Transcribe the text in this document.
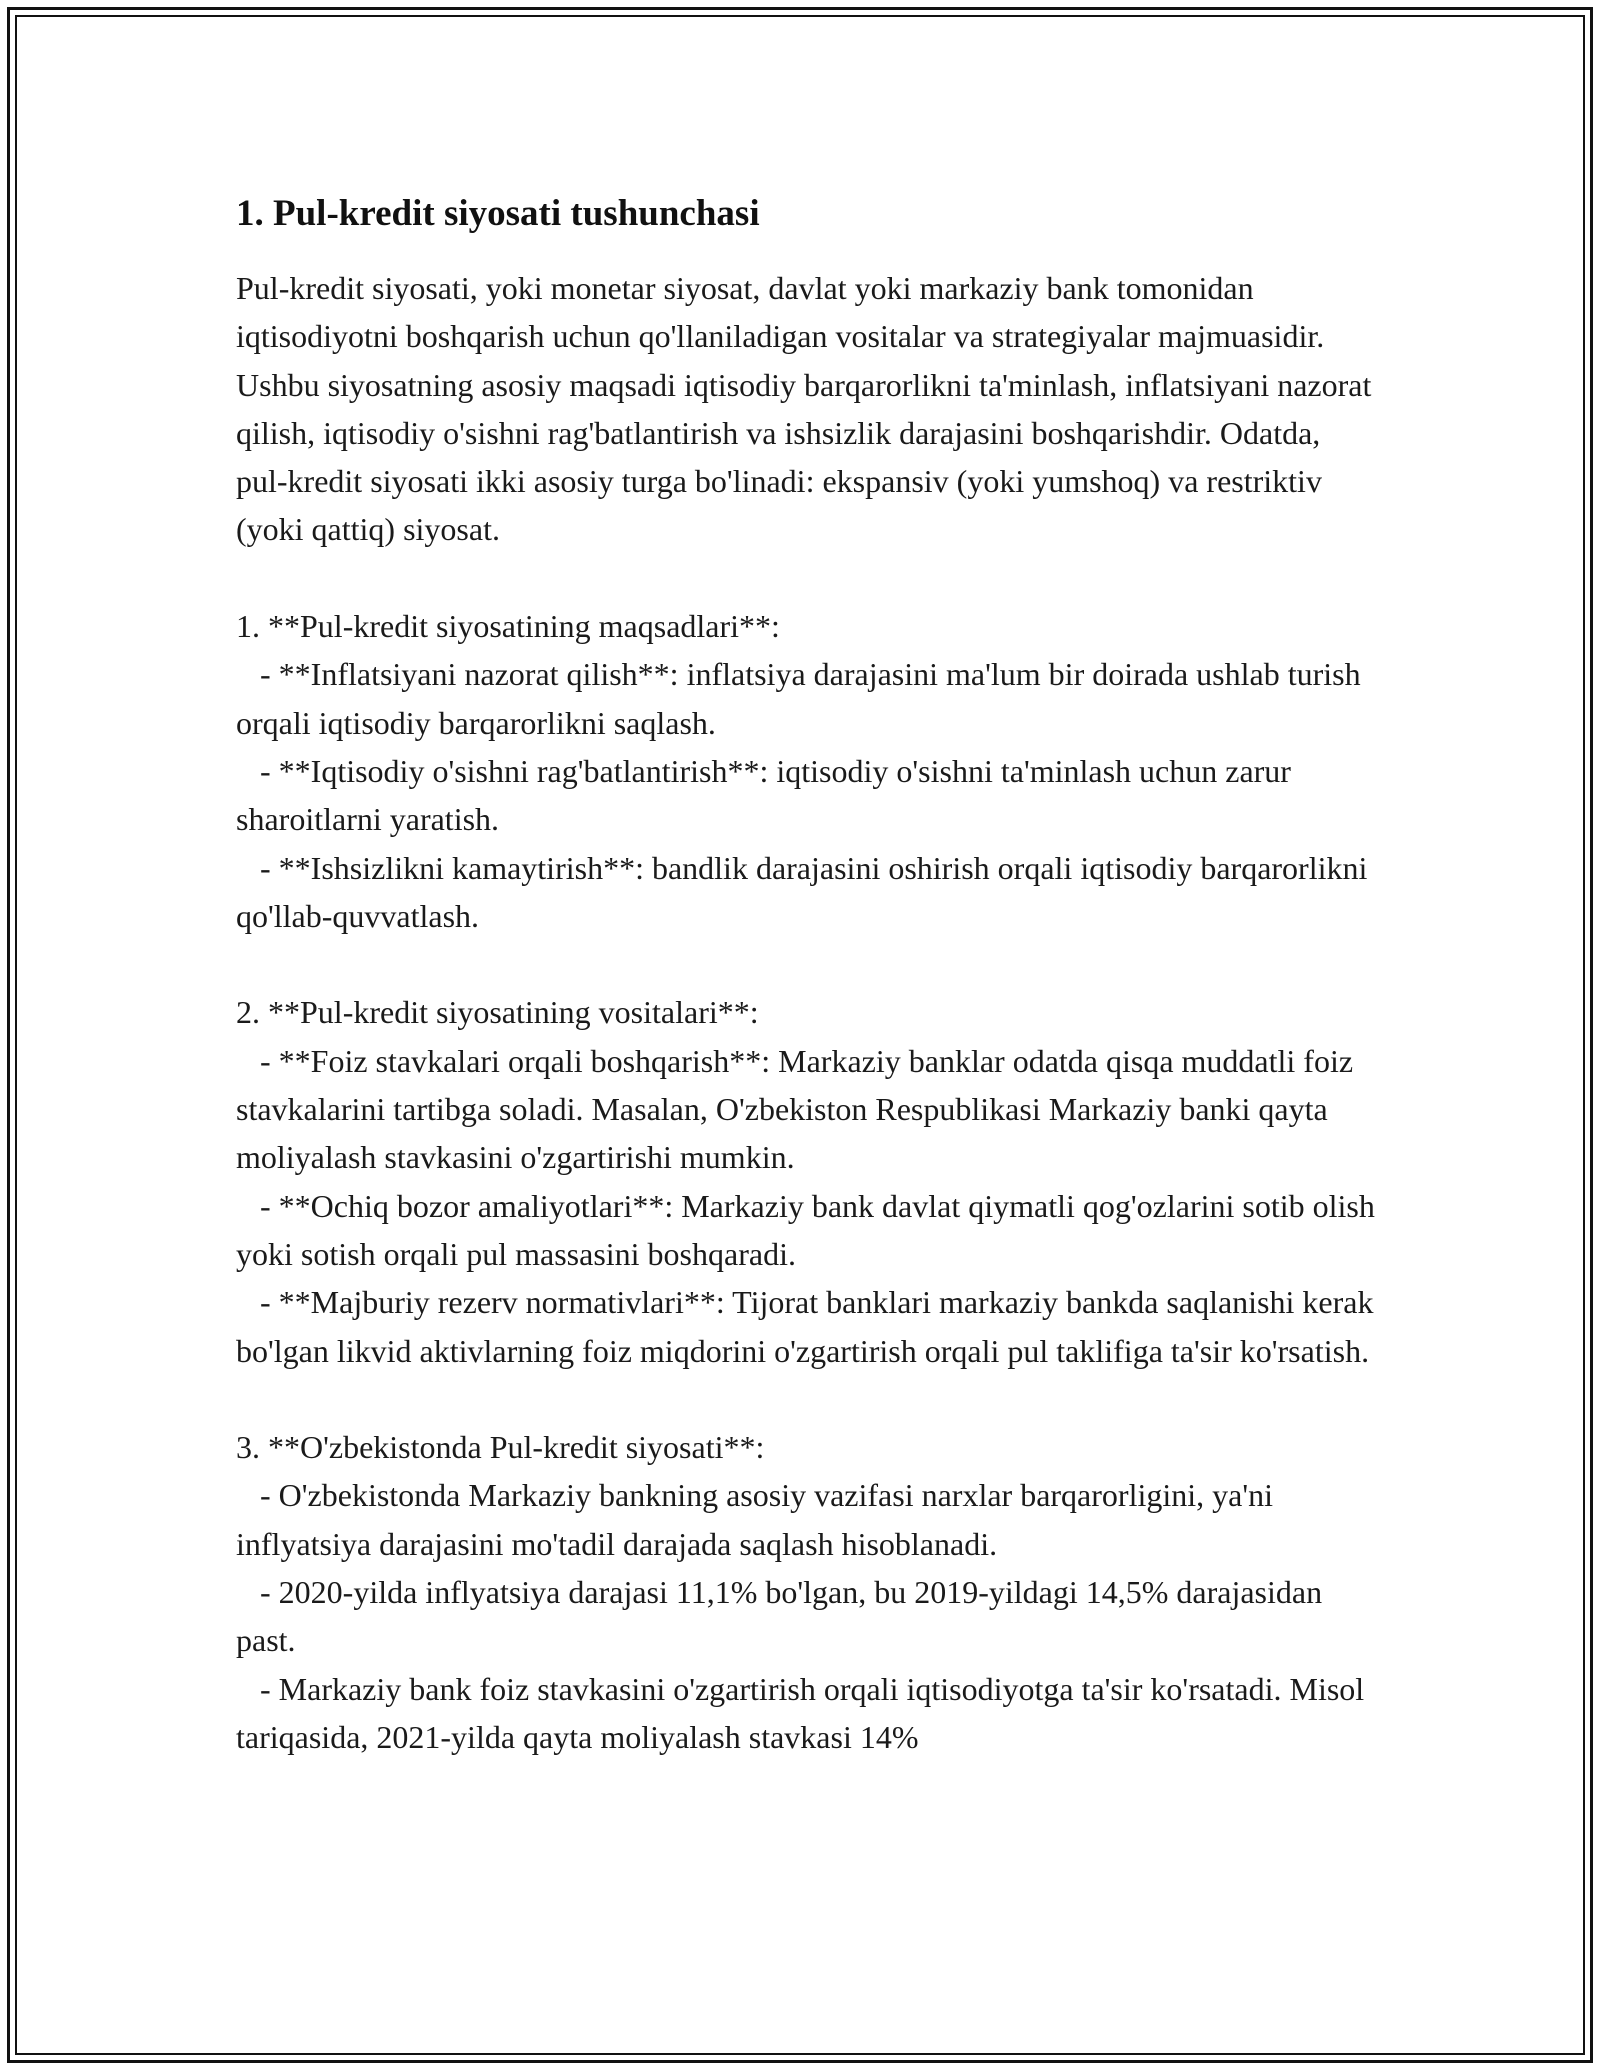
1. Pul-kredit siyosati tushunchasi

Pul-kredit siyosati, yoki monetar siyosat, davlat yoki markaziy bank tomonidan iqtisodiyotni boshqarish uchun qo'llaniladigan vositalar va strategiyalar majmuasidir. Ushbu siyosatning asosiy maqsadi iqtisodiy barqarorlikni ta'minlash, inflatsiyani nazorat qilish, iqtisodiy o'sishni rag'batlantirish va ishsizlik darajasini boshqarishdir. Odatda, pul-kredit siyosati ikki asosiy turga bo'linadi: ekspansiv (yoki yumshoq) va restriktiv (yoki qattiq) siyosat.

1. **Pul-kredit siyosatining maqsadlari**:

- **Inflatsiyani nazorat qilish**: inflatsiya darajasini ma'lum bir doirada ushlab turish orqali iqtisodiy barqarorlikni saqlash.

- **Iqtisodiy o'sishni rag'batlantirish**: iqtisodiy o'sishni ta'minlash uchun zarur sharoitlarni yaratish.

- **Ishsizlikni kamaytirish**: bandlik darajasini oshirish orqali iqtisodiy barqarorlikni qo'llab-quvvatlash.

2. **Pul-kredit siyosatining vositalari**:

- **Foiz stavkalari orqali boshqarish**: Markaziy banklar odatda qisqa muddatli foiz stavkalarini tartibga soladi. Masalan, O'zbekiston Respublikasi Markaziy banki qayta moliyalash stavkasini o'zgartirishi mumkin.

- **Ochiq bozor amaliyotlari**: Markaziy bank davlat qiymatli qog'ozlarini sotib olish yoki sotish orqali pul massasini boshqaradi.

- **Majburiy rezerv normativlari**: Tijorat banklari markaziy bankda saqlanishi kerak bo'lgan likvid aktivlarning foiz miqdorini o'zgartirish orqali pul taklifiga ta'sir ko'rsatish.

3. **O'zbekistonda Pul-kredit siyosati**:

- O'zbekistonda Markaziy bankning asosiy vazifasi narxlar barqarorligini, ya'ni inflyatsiya darajasini mo'tadil darajada saqlash hisoblanadi.

- 2020-yilda inflyatsiya darajasi 11,1% bo'lgan, bu 2019-yildagi 14,5% darajasidan past.

- Markaziy bank foiz stavkasini o'zgartirish orqali iqtisodiyotga ta'sir ko'rsatadi. Misol tariqasida, 2021-yilda qayta moliyalash stavkasi 14%
